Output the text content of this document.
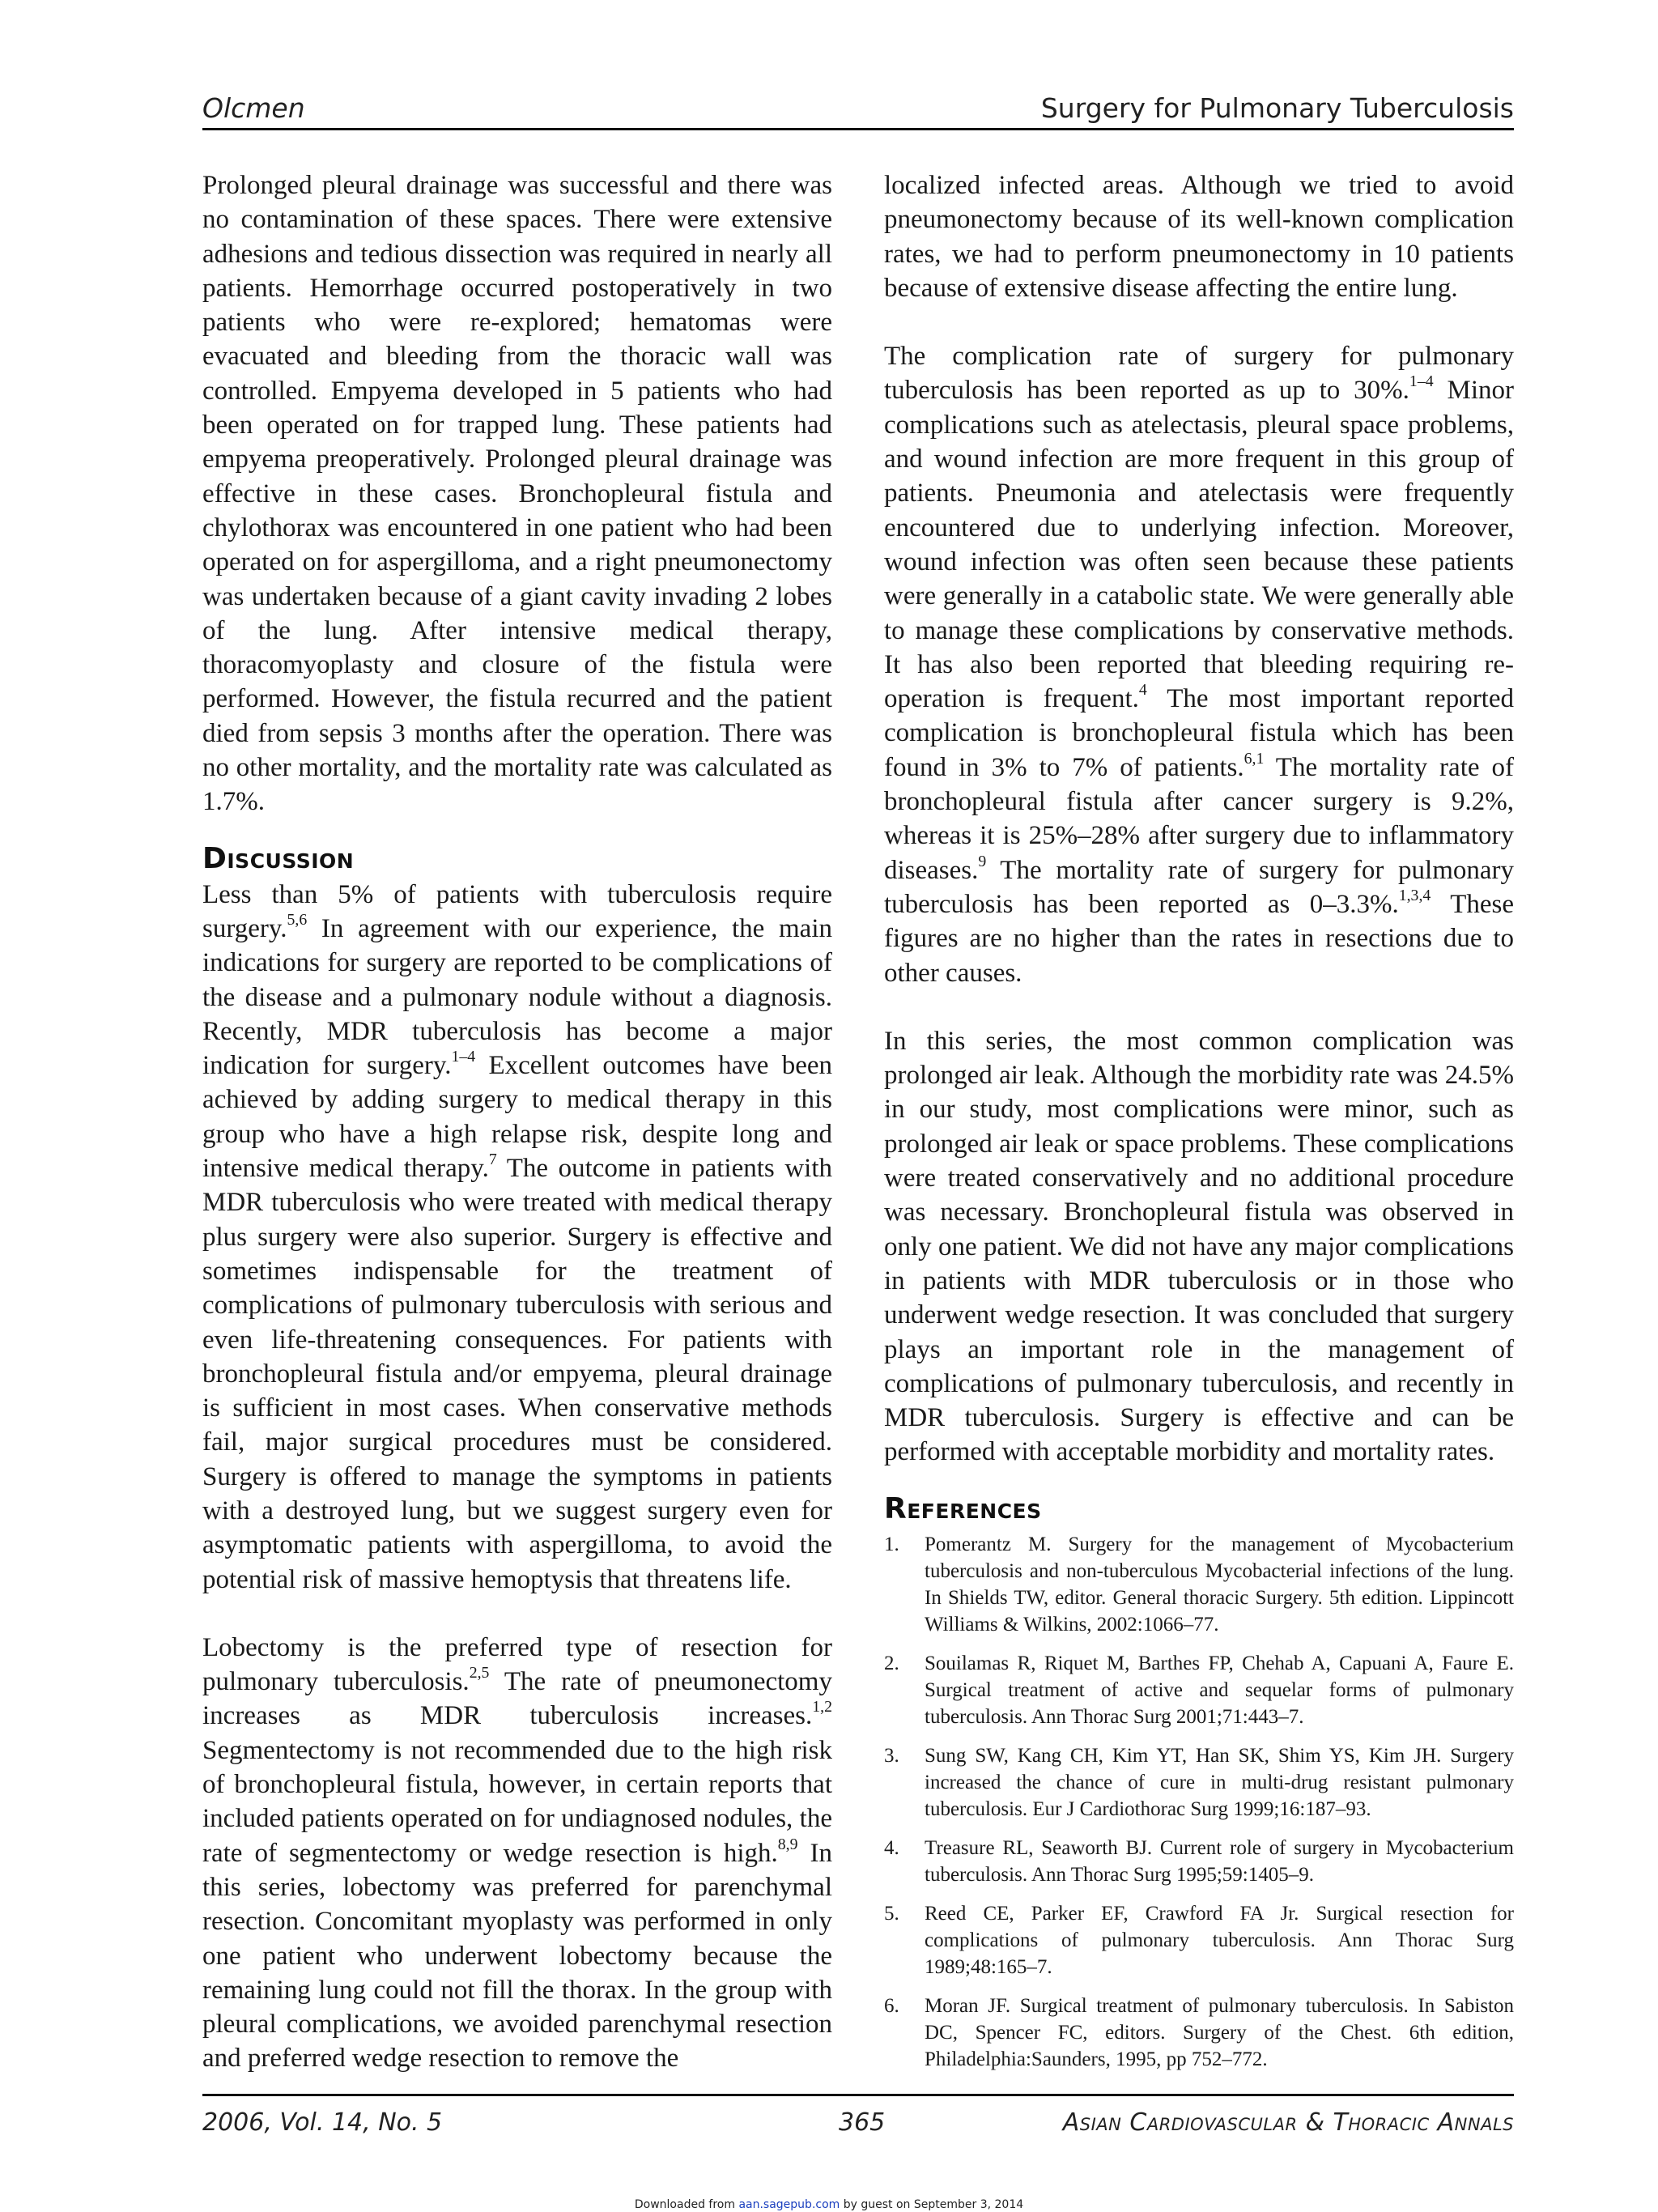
Olcmen	Surgery for Pulmonary Tuberculosis

Prolonged pleural drainage was successful and there was no contamination of these spaces. There were extensive adhesions and tedious dissection was required in nearly all patients. Hemorrhage occurred postoperatively in two patients who were re-explored; hematomas were evacuated and bleeding from the thoracic wall was controlled. Empyema developed in 5 patients who had been operated on for trapped lung. These patients had empyema preoperatively. Prolonged pleural drainage was effective in these cases. Bronchopleural fistula and chylothorax was encountered in one patient who had been operated on for aspergilloma, and a right pneumonectomy was undertaken because of a giant cavity invading 2 lobes of the lung. After intensive medical therapy, thoracomyoplasty and closure of the fistula were performed. However, the fistula recurred and the patient died from sepsis 3 months after the operation. There was no other mortality, and the mortality rate was calculated as 1.7%.

Discussion

Less than 5% of patients with tuberculosis require surgery.$^{5,6}$ In agreement with our experience, the main indications for surgery are reported to be complications of the disease and a pulmonary nodule without a diagnosis. Recently, MDR tuberculosis has become a major indication for surgery.$^{1-4}$ Excellent outcomes have been achieved by adding surgery to medical therapy in this group who have a high relapse risk, despite long and intensive medical therapy.$^7$ The outcome in patients with MDR tuberculosis who were treated with medical therapy plus surgery were also superior. Surgery is effective and sometimes indispensable for the treatment of complications of pulmonary tuberculosis with serious and even life-threatening consequences. For patients with bronchopleural fistula and/or empyema, pleural drainage is sufficient in most cases. When conservative methods fail, major surgical procedures must be considered. Surgery is offered to manage the symptoms in patients with a destroyed lung, but we suggest surgery even for asymptomatic patients with aspergilloma, to avoid the potential risk of massive hemoptysis that threatens life.

Lobectomy is the preferred type of resection for pulmonary tuberculosis.$^{2,5}$ The rate of pneumonectomy increases as MDR tuberculosis increases.$^{1,2}$ Segmentectomy is not recommended due to the high risk of bronchopleural fistula, however, in certain reports that included patients operated on for undiagnosed nodules, the rate of segmentectomy or wedge resection is high.$^{8,9}$ In this series, lobectomy was preferred for parenchymal resection. Concomitant myoplasty was performed in only one patient who underwent lobectomy because the remaining lung could not fill the thorax. In the group with pleural complications, we avoided parenchymal resection and preferred wedge resection to remove the

localized infected areas. Although we tried to avoid pneumonectomy because of its well-known complication rates, we had to perform pneumonectomy in 10 patients because of extensive disease affecting the entire lung.

The complication rate of surgery for pulmonary tuberculosis has been reported as up to 30%.$^{1-4}$ Minor complications such as atelectasis, pleural space problems, and wound infection are more frequent in this group of patients. Pneumonia and atelectasis were frequently encountered due to underlying infection. Moreover, wound infection was often seen because these patients were generally in a catabolic state. We were generally able to manage these complications by conservative methods. It has also been reported that bleeding requiring re-operation is frequent.$^4$ The most important reported complication is bronchopleural fistula which has been found in 3% to 7% of patients.$^{6,1}$ The mortality rate of bronchopleural fistula after cancer surgery is 9.2%, whereas it is 25%–28% after surgery due to inflammatory diseases.$^9$ The mortality rate of surgery for pulmonary tuberculosis has been reported as 0–3.3%.$^{1,3,4}$ These figures are no higher than the rates in resections due to other causes.

In this series, the most common complication was prolonged air leak. Although the morbidity rate was 24.5% in our study, most complications were minor, such as prolonged air leak or space problems. These complications were treated conservatively and no additional procedure was necessary. Bronchopleural fistula was observed in only one patient. We did not have any major complications in patients with MDR tuberculosis or in those who underwent wedge resection. It was concluded that surgery plays an important role in the management of complications of pulmonary tuberculosis, and recently in MDR tuberculosis. Surgery is effective and can be performed with acceptable morbidity and mortality rates.

References
1. Pomerantz M. Surgery for the management of Mycobacterium tuberculosis and non-tuberculous Mycobacterial infections of the lung. In Shields TW, editor. General thoracic Surgery. 5th edition. Lippincott Williams & Wilkins, 2002:1066–77.
2. Souilamas R, Riquet M, Barthes FP, Chehab A, Capuani A, Faure E. Surgical treatment of active and sequelar forms of pulmonary tuberculosis. Ann Thorac Surg 2001;71:443–7.
3. Sung SW, Kang CH, Kim YT, Han SK, Shim YS, Kim JH. Surgery increased the chance of cure in multi-drug resistant pulmonary tuberculosis. Eur J Cardiothorac Surg 1999;16:187–93.
4. Treasure RL, Seaworth BJ. Current role of surgery in Mycobacterium tuberculosis. Ann Thorac Surg 1995;59:1405–9.
5. Reed CE, Parker EF, Crawford FA Jr. Surgical resection for complications of pulmonary tuberculosis. Ann Thorac Surg 1989;48:165–7.
6. Moran JF. Surgical treatment of pulmonary tuberculosis. In Sabiston DC, Spencer FC, editors. Surgery of the Chest. 6th edition, Philadelphia:Saunders, 1995, pp 752–772.
2006, Vol. 14, No. 5	365	Asian Cardiovascular & Thoracic Annals
Downloaded from aan.sagepub.com by guest on September 3, 2014
